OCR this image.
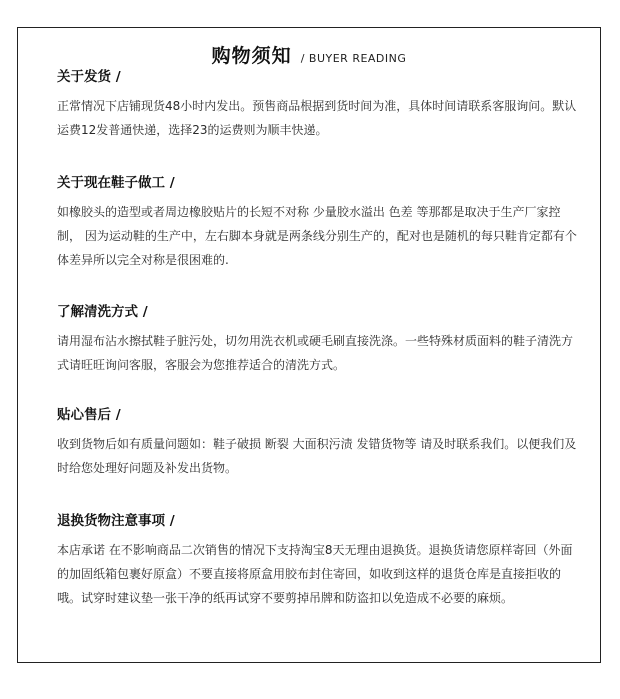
购物须知 / BUYER READING
关于发货 /

正常情况下店铺现货48小时内发出。预售商品根据到货时间为准，具体时间请联系客服询问。默认运费12发普通快递，选择23的运费则为顺丰快递。

关于现在鞋子做工 /

如橡胶头的造型或者周边橡胶贴片的长短不对称 少量胶水溢出 色差 等那都是取决于生产厂家控制， 因为运动鞋的生产中，左右脚本身就是两条线分别生产的，配对也是随机的每只鞋肯定都有个体差异所以完全对称是很困难的.

了解清洗方式 /

请用湿布沾水擦拭鞋子脏污处，切勿用洗衣机或硬毛刷直接洗涤。一些特殊材质面料的鞋子清洗方式请旺旺询问客服，客服会为您推荐适合的清洗方式。

贴心售后 /

收到货物后如有质量问题如：鞋子破损 断裂 大面积污渍 发错货物等 请及时联系我们。以便我们及时给您处理好问题及补发出货物。

退换货物注意事项 /

本店承诺 在不影响商品二次销售的情况下支持淘宝8天无理由退换货。退换货请您原样寄回（外面的加固纸箱包裹好原盒）不要直接将原盒用胶布封住寄回，如收到这样的退货仓库是直接拒收的哦。试穿时建议垫一张干净的纸再试穿不要剪掉吊牌和防盗扣以免造成不必要的麻烦。
